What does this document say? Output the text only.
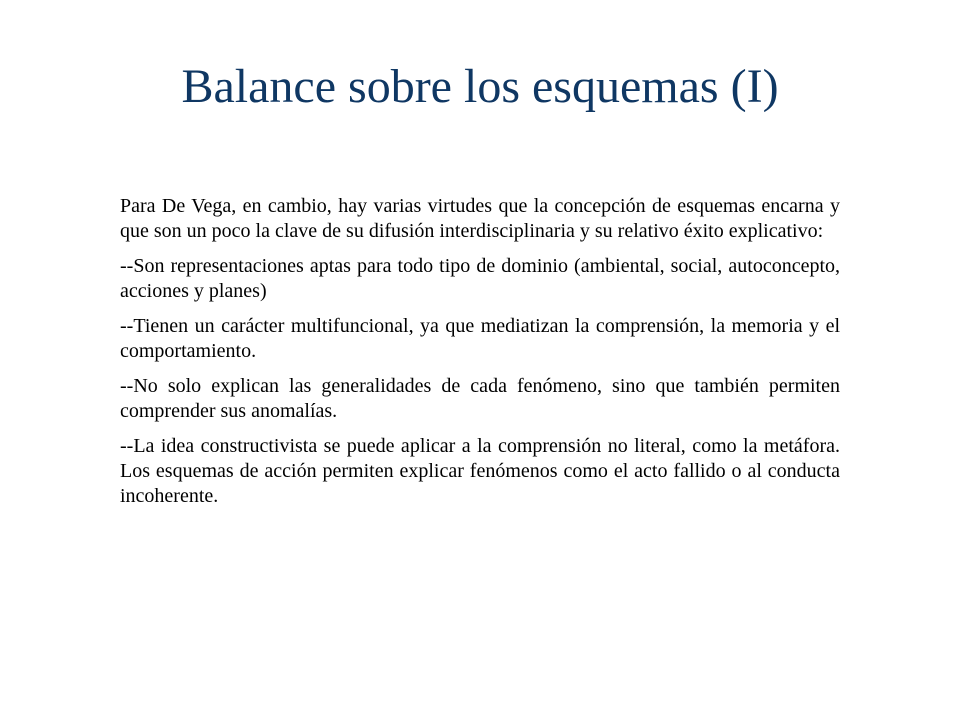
Balance sobre los esquemas (I)

Para De Vega, en cambio, hay varias virtudes que la concepción de esquemas encarna y que son un poco la clave de su difusión interdisciplinaria y su relativo éxito explicativo:

--Son representaciones aptas para todo tipo de dominio (ambiental, social, autoconcepto, acciones y planes)

--Tienen un carácter multifuncional, ya que mediatizan la comprensión, la memoria y el comportamiento.

--No solo explican las generalidades de cada fenómeno, sino que también permiten comprender sus anomalías.

--La idea constructivista se puede aplicar a la comprensión no literal, como la metáfora. Los esquemas de acción permiten explicar fenómenos como el acto fallido o al conducta incoherente.
